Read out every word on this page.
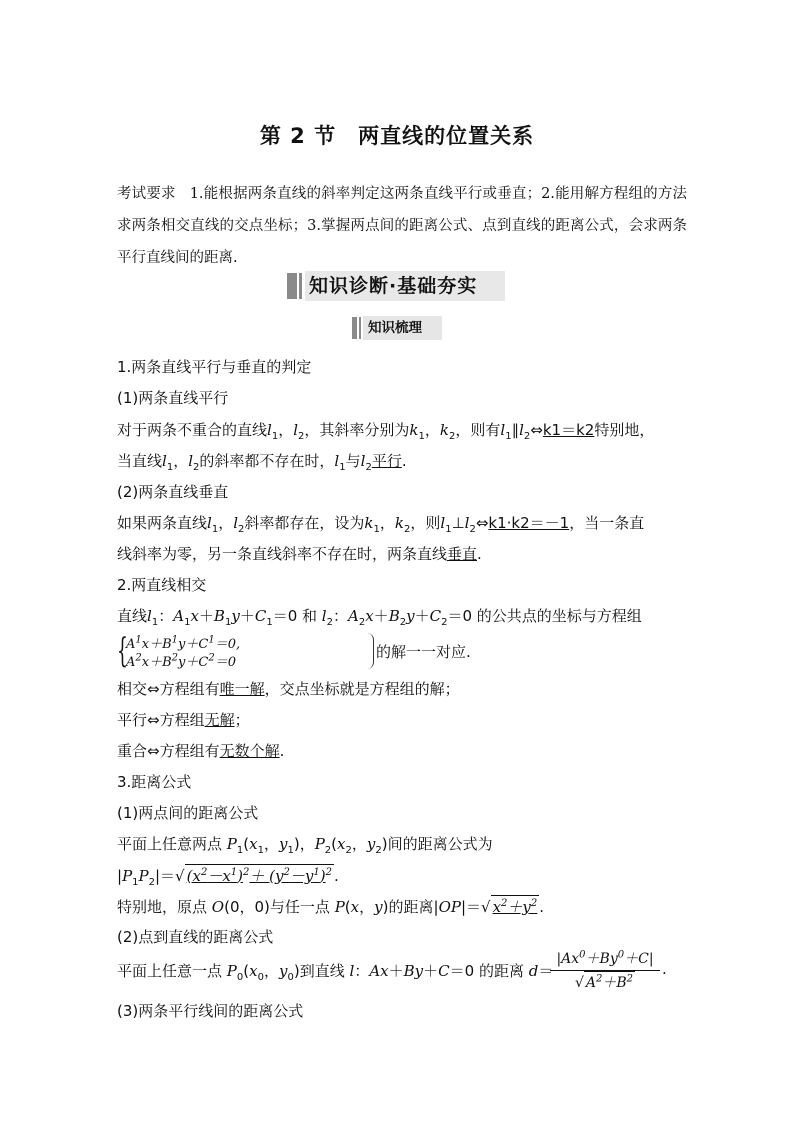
第 2 节　两直线的位置关系
考试要求 1.能根据两条直线的斜率判定这两条直线平行或垂直；2.能用解方程组的方法求两条相交直线的交点坐标；3.掌握两点间的距离公式、点到直线的距离公式，会求两条平行直线间的距离.
知识诊断·基础夯实
知识梳理
1.两条直线平行与垂直的判定
(1)两条直线平行
对于两条不重合的直线$l_1$，$l_2$，其斜率分别为$k_1$，$k_2$，则有$l_1\parallel l_2\Leftrightarrow k1=k2$特别地，
当直线$l_1$，$l_2$的斜率都不存在时，$l_1$与$l_2$平行.
(2)两条直线垂直
如果两条直线$l_1$，$l_2$斜率都存在，设为$k_1$，$k_2$，则$l_1\perp l_2\Leftrightarrow k1\cdot k2=-1$，当一条直
线斜率为零，另一条直线斜率不存在时，两条直线垂直.
2.两直线相交
直线$l_1$：$A_1x+B_1y+C_1=0$ 和 $l_2$：$A_2x+B_2y+C_2=0$ 的公共点的坐标与方程组
{
$A^1x+B^1y+C^1=0$,
$A^2x+B^2y+C^2=0$
的解一一对应.
相交⇔方程组有唯一解，交点坐标就是方程组的解；
平行⇔方程组无解；
重合⇔方程组有无数个解.
3.距离公式
(1)两点间的距离公式
平面上任意两点 $P_1(x_1$，$y_1$)，$P_2(x_2$，$y_2$)间的距离公式为
$|P_1P_2|=√$ $(x^2-x^1)^2+ (y^2-y^1)^2$ .
特别地，原点 O(0，0)与任一点 P(x，y)的距离|OP|＝√ $x^2+y^2$ .
(2)点到直线的距离公式
平面上任意一点 $P_0(x_0$，$y_0$)到直线 l：Ax＋By＋C＝0 的距离 d＝
$\frac{|Ax^0+By^0+C|}{√ A^2+B^2}$ .
(3)两条平行线间的距离公式
